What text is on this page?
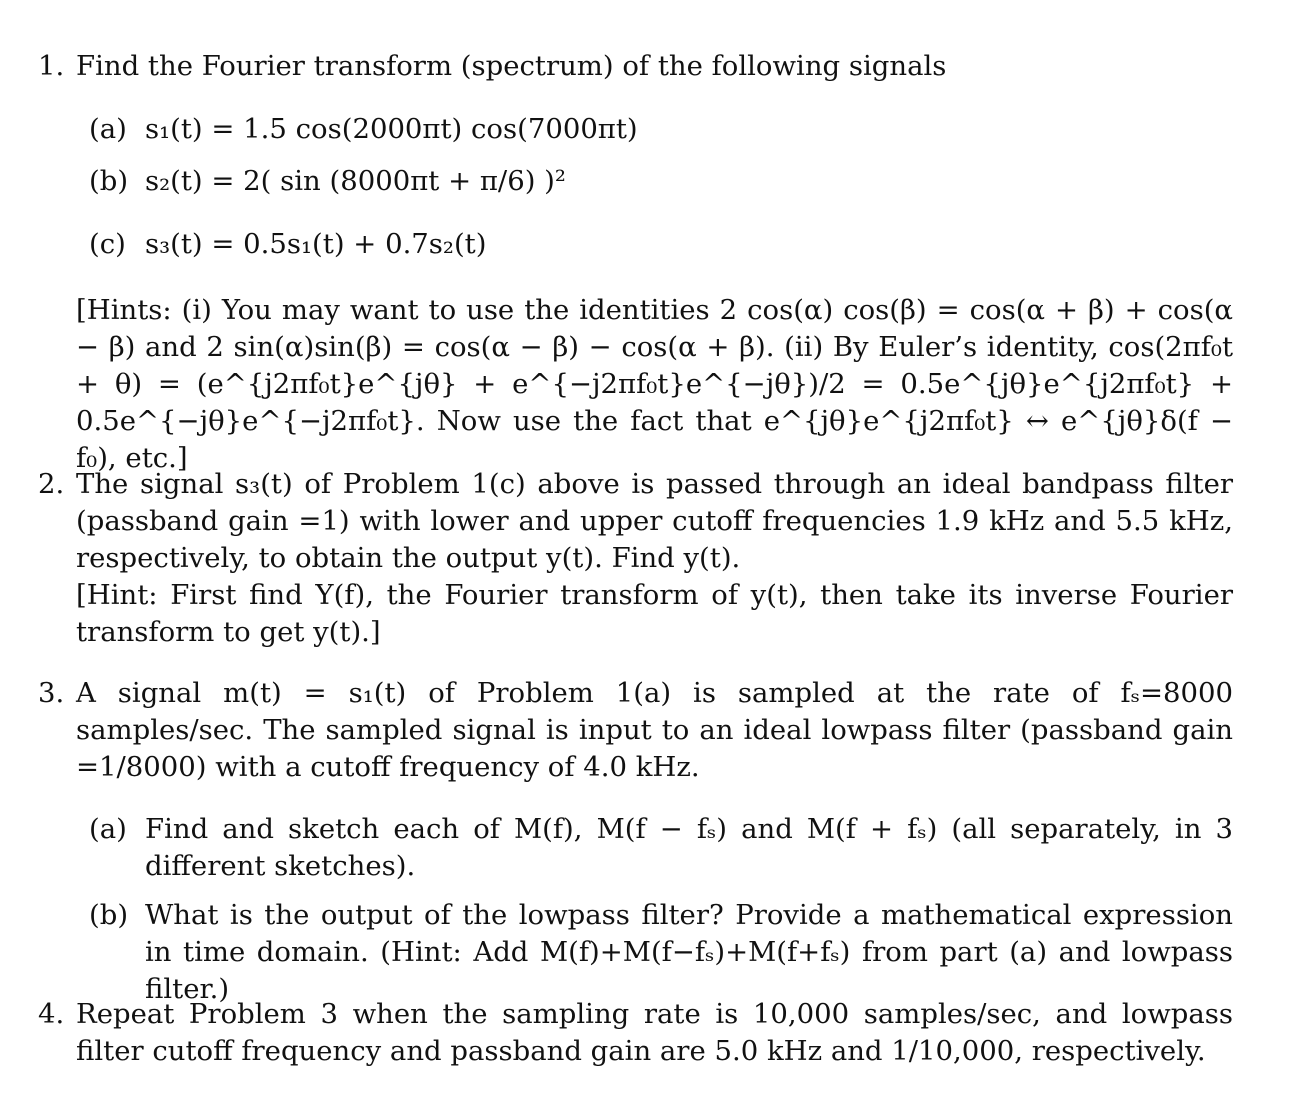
1. Find the Fourier transform (spectrum) of the following signals
(a) s₁(t) = 1.5 cos(2000πt) cos(7000πt)
(b) s₂(t) = 2( sin (8000πt + π/6) )²
(c) s₃(t) = 0.5s₁(t) + 0.7s₂(t)
[Hints: (i) You may want to use the identities 2 cos(α) cos(β) = cos(α + β) + cos(α − β) and 2 sin(α)sin(β) = cos(α − β) − cos(α + β). (ii) By Euler’s identity, cos(2πf₀t + θ) = (e^{j2πf₀t}e^{jθ} + e^{−j2πf₀t}e^{−jθ})/2 = 0.5e^{jθ}e^{j2πf₀t} + 0.5e^{−jθ}e^{−j2πf₀t}. Now use the fact that e^{jθ}e^{j2πf₀t} ↔ e^{jθ}δ(f − f₀), etc.]
2. The signal s₃(t) of Problem 1(c) above is passed through an ideal bandpass filter (passband gain =1) with lower and upper cutoff frequencies 1.9 kHz and 5.5 kHz, respectively, to obtain the output y(t). Find y(t).
[Hint: First find Y(f), the Fourier transform of y(t), then take its inverse Fourier transform to get y(t).]
3. A signal m(t) = s₁(t) of Problem 1(a) is sampled at the rate of fₛ=8000 samples/sec. The sampled signal is input to an ideal lowpass filter (passband gain =1/8000) with a cutoff frequency of 4.0 kHz.
(a) Find and sketch each of M(f), M(f − fₛ) and M(f + fₛ) (all separately, in 3 different sketches).
(b) What is the output of the lowpass filter? Provide a mathematical expression in time domain. (Hint: Add M(f)+M(f−fₛ)+M(f+fₛ) from part (a) and lowpass filter.)
4. Repeat Problem 3 when the sampling rate is 10,000 samples/sec, and lowpass filter cutoff frequency and passband gain are 5.0 kHz and 1/10,000, respectively.
